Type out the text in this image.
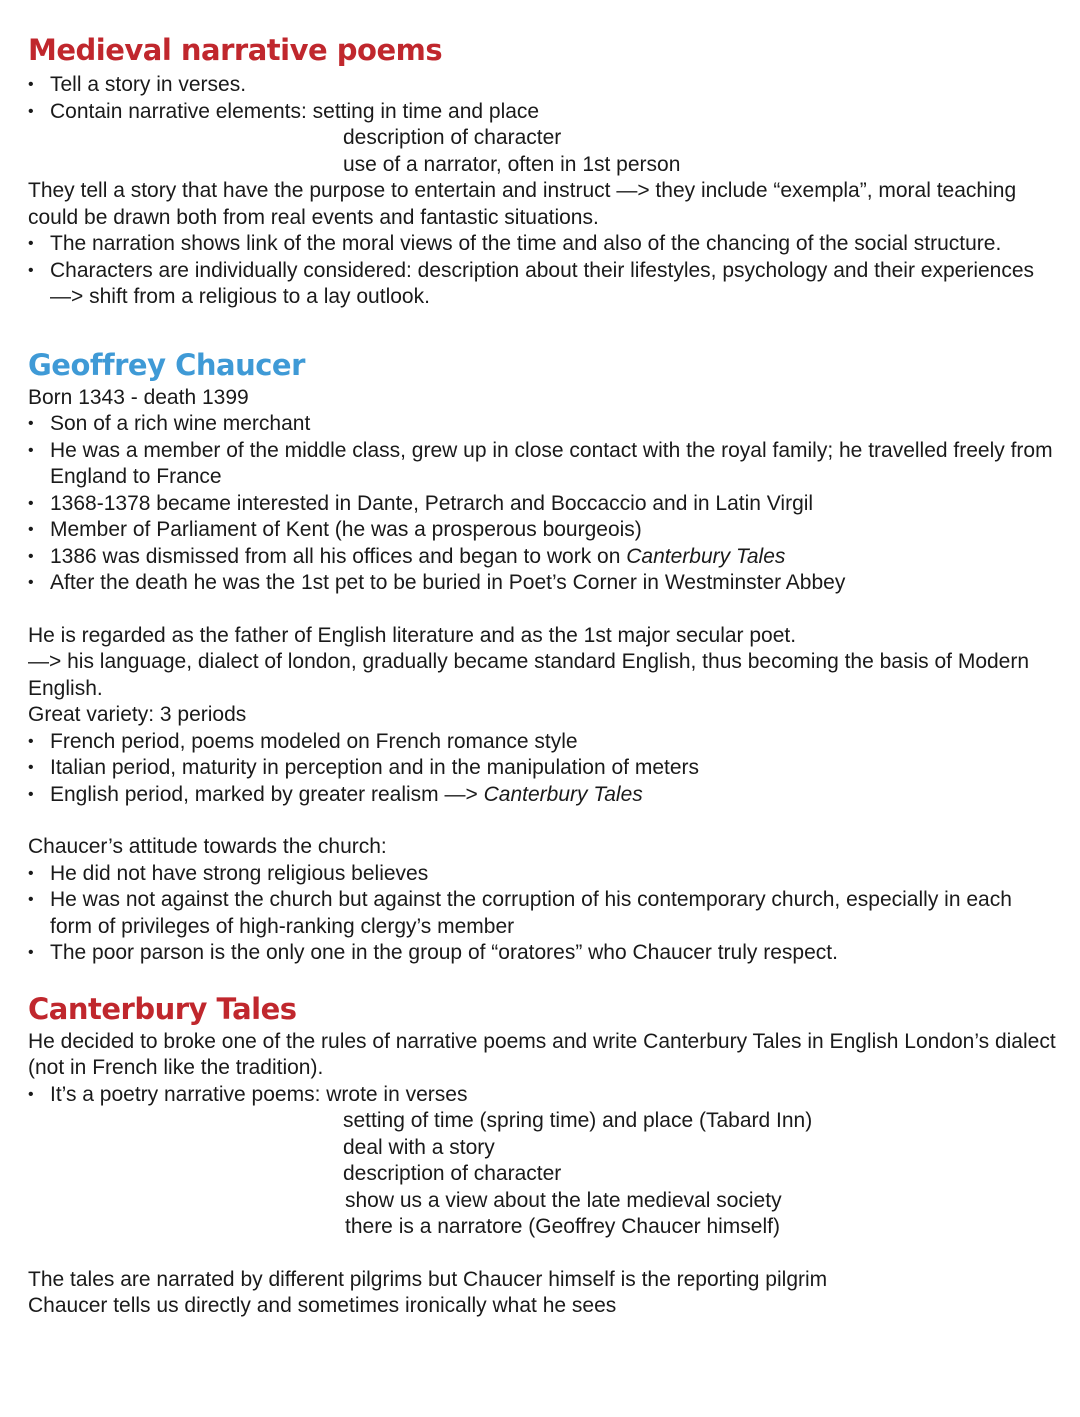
Medieval narrative poems
• Tell a story in verses.
• Contain narrative elements: setting in time and place

description of character

use of a narrator, often in 1st person

They tell a story that have the purpose to entertain and instruct —> they include “exempla”, moral teaching could be drawn both from real events and fantastic situations.

• The narration shows link of the moral views of the time and also of the chancing of the social structure.
• Characters are individually considered: description about their lifestyles, psychology and their experiences —> shift from a religious to a lay outlook.
Geoffrey Chaucer

Born 1343 - death 1399

• Son of a rich wine merchant
• He was a member of the middle class, grew up in close contact with the royal family; he travelled freely from England to France
• 1368-1378 became interested in Dante, Petrarch and Boccaccio and in Latin Virgil
• Member of Parliament of Kent (he was a prosperous bourgeois)
• 1386 was dismissed from all his offices and began to work on Canterbury Tales
• After the death he was the 1st pet to be buried in Poet’s Corner in Westminster Abbey

He is regarded as the father of English literature and as the 1st major secular poet.

—> his language, dialect of london, gradually became standard English, thus becoming the basis of Modern English.

Great variety: 3 periods

• French period, poems modeled on French romance style
• Italian period, maturity in perception and in the manipulation of meters
• English period, marked by greater realism —> Canterbury Tales

Chaucer’s attitude towards the church:

• He did not have strong religious believes
• He was not against the church but against the corruption of his contemporary church, especially in each form of privileges of high-ranking clergy’s member
• The poor parson is the only one in the group of “oratores” who Chaucer truly respect.
Canterbury Tales

He decided to broke one of the rules of narrative poems and write Canterbury Tales in English London’s dialect (not in French like the tradition).

• It’s a poetry narrative poems: wrote in verses

setting of time (spring time) and place (Tabard Inn)

deal with a story

description of character

show us a view about the late medieval society

there is a narratore (Geoffrey Chaucer himself)

The tales are narrated by different pilgrims but Chaucer himself is the reporting pilgrim

Chaucer tells us directly and sometimes ironically what he sees
